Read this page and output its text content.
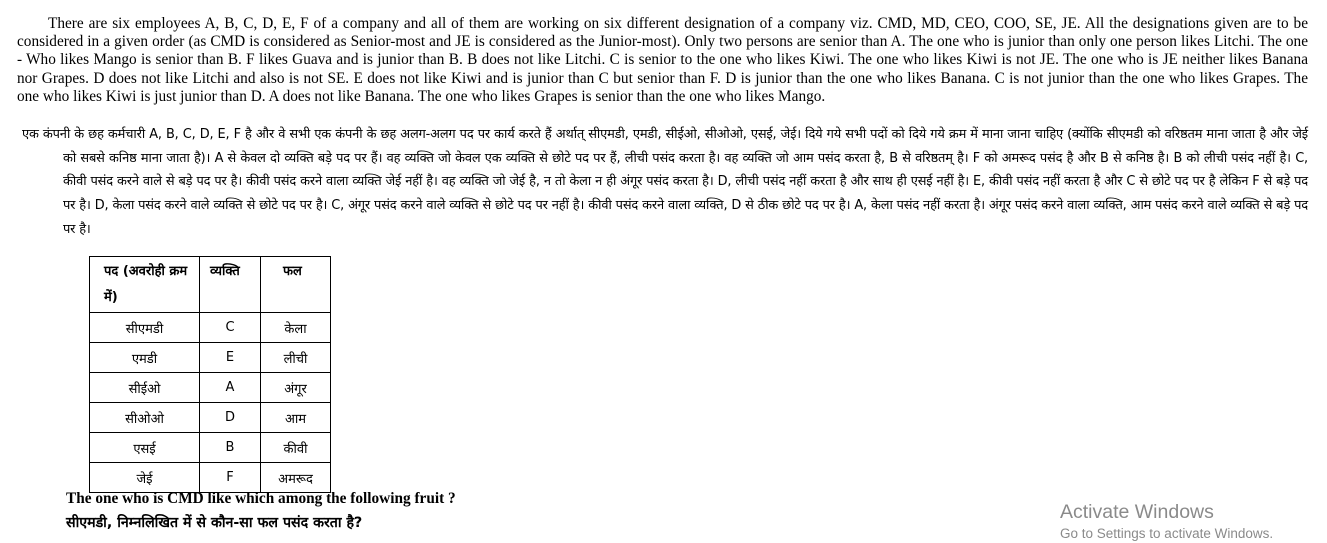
There are six employees A, B, C, D, E, F of a company and all of them are working on six different designation of a company viz. CMD, MD, CEO, COO, SE, JE. All the designations given are to be considered in a given order (as CMD is considered as Senior-most and JE is considered as the Junior-most). Only two persons are senior than A. The one who is junior than only one person likes Litchi. The one - Who likes Mango is senior than B. F likes Guava and is junior than B. B does not like Litchi. C is senior to the one who likes Kiwi. The one who likes Kiwi is not JE. The one who is JE neither likes Banana nor Grapes. D does not like Litchi and also is not SE. E does not like Kiwi and is junior than C but senior than F. D is junior than the one who likes Banana. C is not junior than the one who likes Grapes. The one who likes Kiwi is just junior than D. A does not like Banana. The one who likes Grapes is senior than the one who likes Mango.

एक कंपनी के छह कर्मचारी A, B, C, D, E, F है और वे सभी एक कंपनी के छह अलग-अलग पद पर कार्य करते हैं अर्थात् सीएमडी, एमडी, सीईओ, सीओओ, एसई, जेई। दिये गये सभी पदों को दिये गये क्रम में माना जाना चाहिए (क्योंकि सीएमडी को वरिष्ठतम माना जाता है और जेई को सबसे कनिष्ठ माना जाता है)। A से केवल दो व्यक्ति बड़े पद पर हैं। वह व्यक्ति जो केवल एक व्यक्ति से छोटे पद पर हैं, लीची पसंद करता है। वह व्यक्ति जो आम पसंद करता है, B से वरिष्ठतम् है। F को अमरूद पसंद है और B से कनिष्ठ है। B को लीची पसंद नहीं है। C, कीवी पसंद करने वाले से बड़े पद पर है। कीवी पसंद करने वाला व्यक्ति जेई नहीं है। वह व्यक्ति जो जेई है, न तो केला न ही अंगूर पसंद करता है। D, लीची पसंद नहीं करता है और साथ ही एसई नहीं है। E, कीवी पसंद नहीं करता है और C से छोटे पद पर है लेकिन F से बड़े पद पर है। D, केला पसंद करने वाले व्यक्ति से छोटे पद पर है। C, अंगूर पसंद करने वाले व्यक्ति से छोटे पद पर नहीं है। कीवी पसंद करने वाला व्यक्ति, D से ठीक छोटे पद पर है। A, केला पसंद नहीं करता है। अंगूर पसंद करने वाला व्यक्ति, आम पसंद करने वाले व्यक्ति से बड़े पद पर है।

पद (अवरोही क्रम में)	व्यक्ति	फल
सीएमडी	C	केला
एमडी	E	लीची
सीईओ	A	अंगूर
सीओओ	D	आम
एसई	B	कीवी
जेई	F	अमरूद
The one who is CMD like which among the following fruit ?
सीएमडी, निम्नलिखित में से कौन-सा फल पसंद करता है?	Activate Windows
Go to Settings to activate Windows.
